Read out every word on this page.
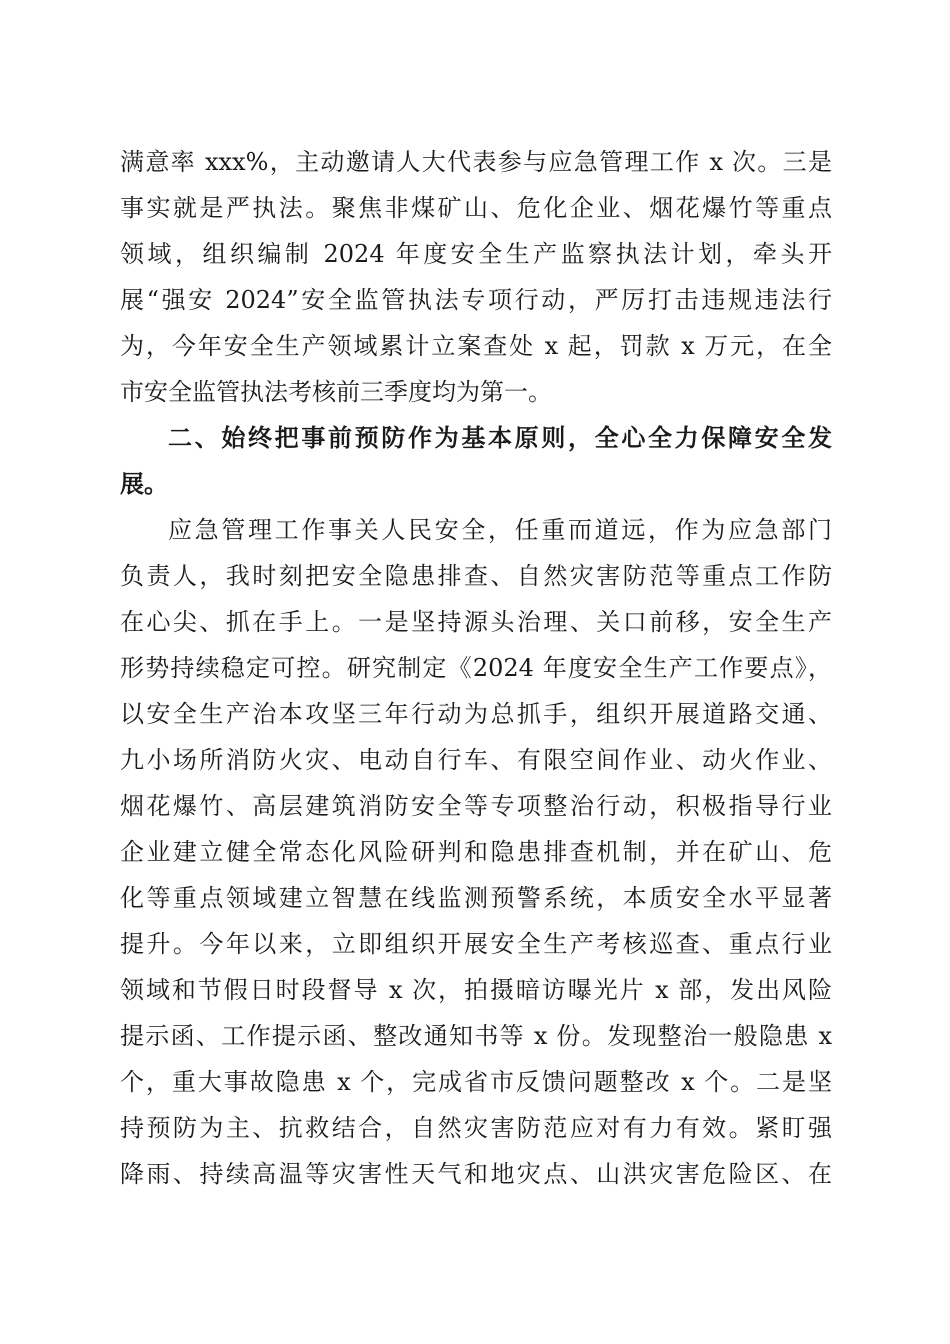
满意率 xxx%，主动邀请人大代表参与应急管理工作 x 次。三是
事实就是严执法。聚焦非煤矿山、危化企业、烟花爆竹等重点
领域，组织编制 2024 年度安全生产监察执法计划，牵头开
展“强安 2024”安全监管执法专项行动，严厉打击违规违法行
为，今年安全生产领域累计立案查处 x 起，罚款 x 万元，在全
市安全监管执法考核前三季度均为第一。
二、始终把事前预防作为基本原则，全心全力保障安全发
展。
应急管理工作事关人民安全，任重而道远，作为应急部门
负责人，我时刻把安全隐患排查、自然灾害防范等重点工作防
在心尖、抓在手上。一是坚持源头治理、关口前移，安全生产
形势持续稳定可控。研究制定《2024 年度安全生产工作要点》，
以安全生产治本攻坚三年行动为总抓手，组织开展道路交通、
九小场所消防火灾、电动自行车、有限空间作业、动火作业、
烟花爆竹、高层建筑消防安全等专项整治行动，积极指导行业
企业建立健全常态化风险研判和隐患排查机制，并在矿山、危
化等重点领域建立智慧在线监测预警系统，本质安全水平显著
提升。今年以来，立即组织开展安全生产考核巡查、重点行业
领域和节假日时段督导 x 次，拍摄暗访曝光片 x 部，发出风险
提示函、工作提示函、整改通知书等 x 份。发现整治一般隐患 x
个，重大事故隐患 x 个，完成省市反馈问题整改 x 个。二是坚
持预防为主、抗救结合，自然灾害防范应对有力有效。紧盯强
降雨、持续高温等灾害性天气和地灾点、山洪灾害危险区、在
